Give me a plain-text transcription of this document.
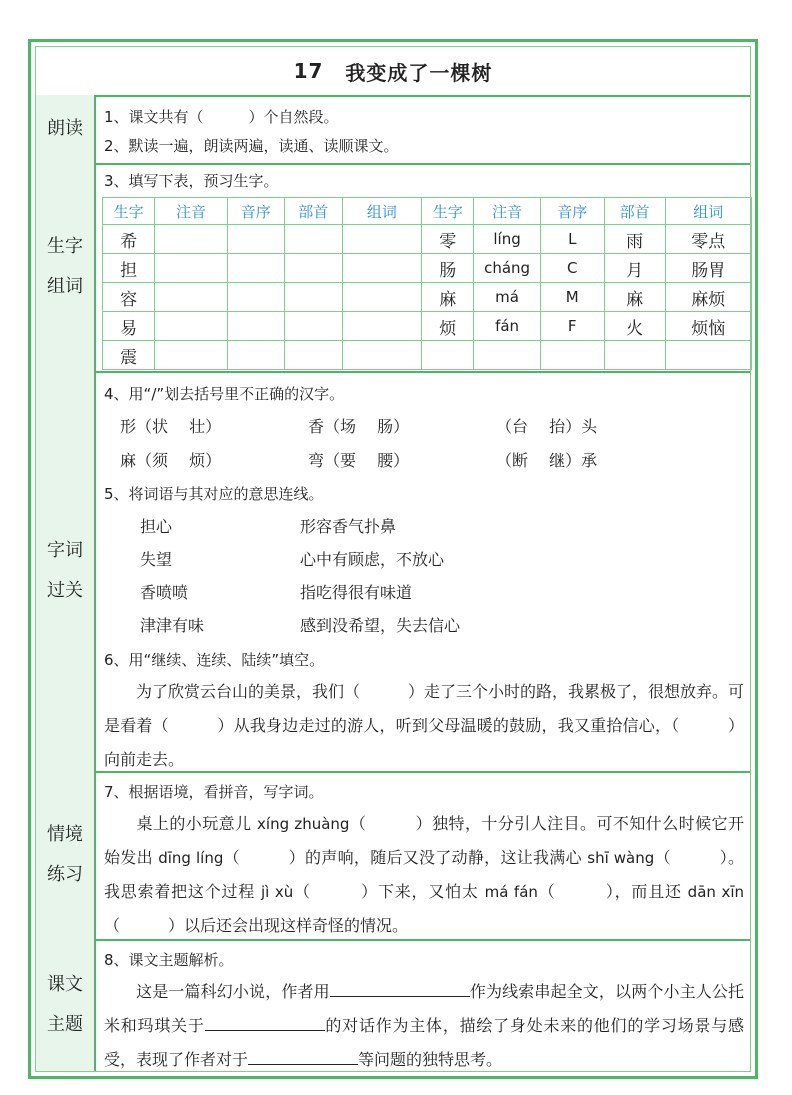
17 我变成了一棵树
朗读
1、课文共有（　　　）个自然段。
2、默读一遍，朗读两遍，读通、读顺课文。
生字
组词
3、填写下表，预习生字。
生字	注音	音序	部首	组词	生字	注音	音序	部首	组词
希					零	líng	L	雨	零点
担					肠	cháng	C	月	肠胃
容					麻	má	M	麻	麻烦
易					烦	fán	F	火	烦恼
震									
字词
过关
4、用“/”划去括号里不正确的汉字。
形（状　 壮）	香（场　 肠）	（台　 抬）头
麻（须　 烦）	弯（要　 腰）	（断　 继）承
5、将词语与其对应的意思连线。
担心
失望
香喷喷
津津有味
形容香气扑鼻
心中有顾虑，不放心
指吃得很有味道
感到没希望，失去信心
6、用“继续、连续、陆续”填空。
为了欣赏云台山的美景，我们（　　　）走了三个小时的路，我累极了，很想放弃。可是看着（　　　）从我身边走过的游人，听到父母温暖的鼓励，我又重拾信心，（　　　）向前走去。
情境
练习
7、根据语境，看拼音，写字词。
桌上的小玩意儿 xíng zhuàng（　　　）独特，十分引人注目。可不知什么时候它开始发出 dīng líng（　　　）的声响，随后又没了动静，这让我满心 shī wàng（　　　）。我思索着把这个过程 jì xù（　　　）下来，又怕太 má fán（　　　），而且还 dān xīn（　　　）以后还会出现这样奇怪的情况。
课文
主题
8、课文主题解析。
这是一篇科幻小说，作者用	作为线索串起全文，以两个小主人公托米和玛琪关于	的对话作为主体，描绘了身处未来的他们的学习场景与感受，表现了作者对于	等问题的独特思考。
